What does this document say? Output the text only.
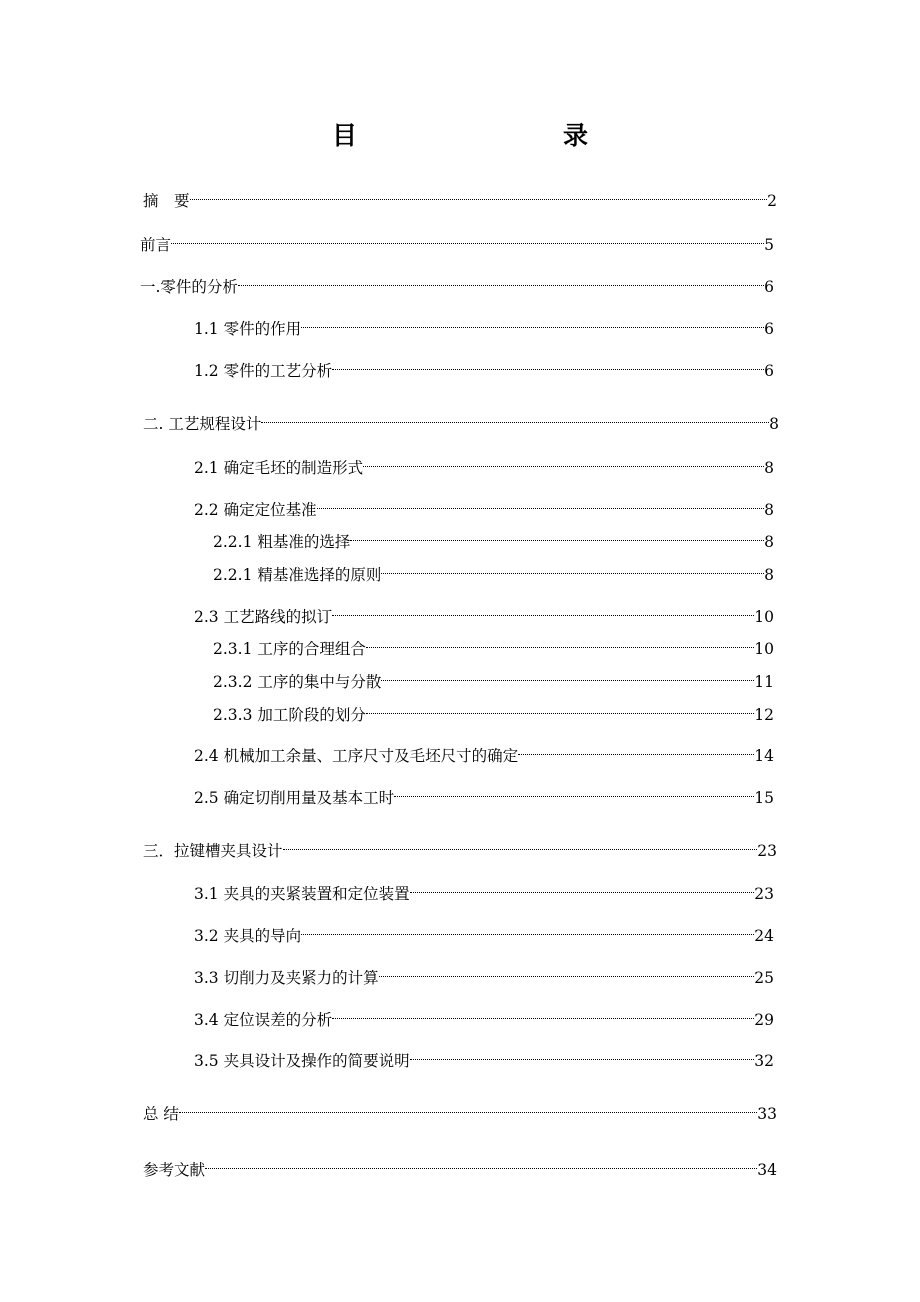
目　　录
摘　要	2
前言	5
一.零件的分析	6
1.1 零件的作用	6
1.2 零件的工艺分析	6
二. 工艺规程设计	8
2.1 确定毛坯的制造形式	8
2.2 确定定位基准	8
2.2.1 粗基准的选择	8
2.2.1 精基准选择的原则	8
2.3 工艺路线的拟订	10
2.3.1 工序的合理组合	10
2.3.2 工序的集中与分散	11
2.3.3 加工阶段的划分	12
2.4 机械加工余量、工序尺寸及毛坯尺寸的确定	14
2.5 确定切削用量及基本工时	15
三．拉键槽夹具设计	23
3.1 夹具的夹紧装置和定位装置	23
3.2 夹具的导向	24
3.3 切削力及夹紧力的计算	25
3.4 定位误差的分析	29
3.5 夹具设计及操作的简要说明	32
总 结	33
参考文献	34
